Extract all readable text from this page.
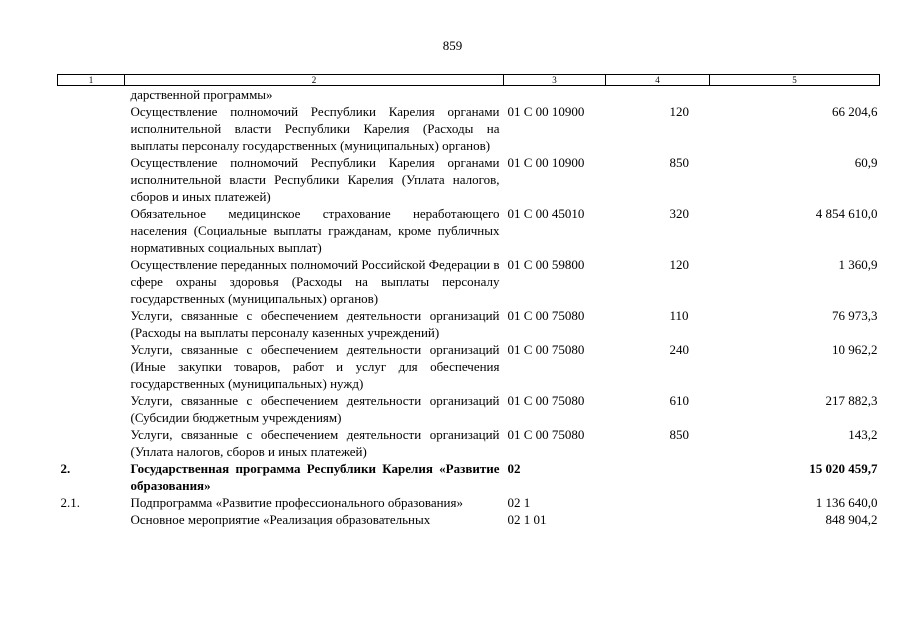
859
1	2	3	4	5
	дарственной программы»			
	Осуществление полномочий Республики Карелия органами исполнительной власти Республики Карелия (Расходы на выплаты персоналу государственных (муниципальных) органов)	01 С 00 10900	120	66 204,6
	Осуществление полномочий Республики Карелия органами исполнительной власти Республики Карелия (Уплата налогов, сборов и иных платежей)	01 С 00 10900	850	60,9
	Обязательное медицинское страхование неработающего населения (Социальные выплаты гражданам, кроме публичных нормативных социальных выплат)	01 С 00 45010	320	4 854 610,0
	Осуществление переданных полномочий Российской Федерации в сфере охраны здоровья (Расходы на выплаты персоналу государственных (муниципальных) органов)	01 С 00 59800	120	1 360,9
	Услуги, связанные с обеспечением деятельности организаций (Расходы на выплаты персоналу казенных учреждений)	01 С 00 75080	110	76 973,3
	Услуги, связанные с обеспечением деятельности организаций (Иные закупки товаров, работ и услуг для обеспечения государственных (муниципальных) нужд)	01 С 00 75080	240	10 962,2
	Услуги, связанные с обеспечением деятельности организаций (Субсидии бюджетным учреждениям)	01 С 00 75080	610	217 882,3
	Услуги, связанные с обеспечением деятельности организаций (Уплата налогов, сборов и иных платежей)	01 С 00 75080	850	143,2
2.	Государственная программа Республики Карелия «Развитие образования»	02		15 020 459,7
2.1.	Подпрограмма «Развитие профессионального образования»	02 1		1 136 640,0
	Основное мероприятие «Реализация образовательных	02 1 01		848 904,2
